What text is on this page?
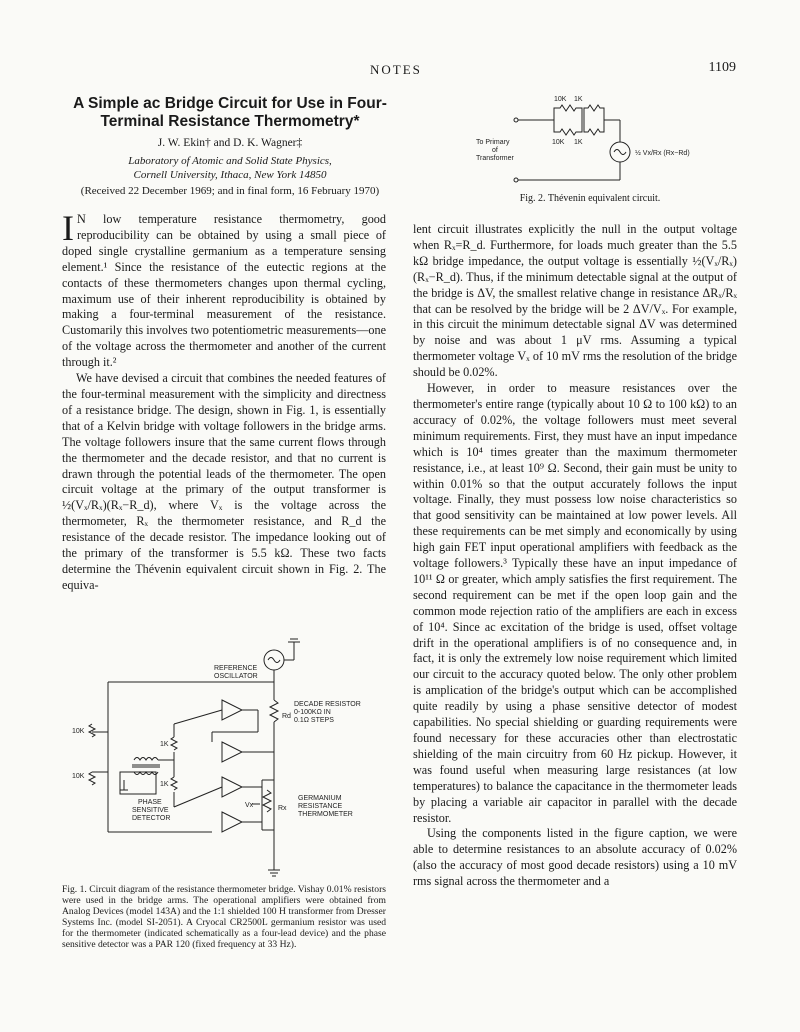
NOTES	1109
A Simple ac Bridge Circuit for Use in Four-Terminal Resistance Thermometry*
J. W. Ekin† and D. K. Wagner‡
Laboratory of Atomic and Solid State Physics,
Cornell University, Ithaca, New York 14850
(Received 22 December 1969; and in final form, 16 February 1970)

I N low temperature resistance thermometry, good reproducibility can be obtained by using a small piece of doped single crystalline germanium as a temperature sensing element.¹ Since the resistance of the eutectic regions at the contacts of these thermometers changes upon thermal cycling, maximum use of their inherent reproducibility is obtained by making a four-terminal measurement of the resistance. Customarily this involves two potentiometric measurements—one of the voltage across the thermometer and another of the current through it.²

We have devised a circuit that combines the needed features of the four-terminal measurement with the simplicity and directness of a resistance bridge. The design, shown in Fig. 1, is essentially that of a Kelvin bridge with voltage followers in the bridge arms. The voltage followers insure that the same current flows through the thermometer and the decade resistor, and that no current is drawn through the potential leads of the thermometer. The open circuit voltage at the primary of the output transformer is ½(Vₓ/Rₓ)(Rₓ−R_d), where Vₓ is the voltage across the thermometer, Rₓ the thermometer resistance, and R_d the resistance of the decade resistor. The impedance looking out of the primary of the transformer is 5.5 kΩ. These two facts determine the Thévenin equivalent circuit shown in Fig. 2. The equiva-

REFERENCE
OSCILLATOR
DECADE RESISTOR
0-100KΩ IN
0.1Ω STEPS
Rd
10K
10K
1K
1K
PHASE
SENSITIVE
DETECTOR
Vx	Rx
GERMANIUM
RESISTANCE
THERMOMETER
Fig. 1. Circuit diagram of the resistance thermometer bridge. Vishay 0.01% resistors were used in the bridge arms. The operational amplifiers were obtained from Analog Devices (model 143A) and the 1:1 shielded 100 H transformer from Dresser Systems Inc. (model SI-2051). A Cryocal CR2500L germanium resistor was used for the thermometer (indicated schematically as a four-lead device) and the phase sensitive detector was a PAR 120 (fixed frequency at 33 Hz).
10K 1K
10K 1K
To Primary
of
Transformer
½ Vx/Rx (Rx−Rd)
Fig. 2. Thévenin equivalent circuit.

lent circuit illustrates explicitly the null in the output voltage when Rₓ=R_d. Furthermore, for loads much greater than the 5.5 kΩ bridge impedance, the output voltage is essentially ½(Vₓ/Rₓ)(Rₓ−R_d). Thus, if the minimum detectable signal at the output of the bridge is ΔV, the smallest relative change in resistance ΔRₓ/Rₓ that can be resolved by the bridge will be 2 ΔV/Vₓ. For example, in this circuit the minimum detectable signal ΔV was determined by noise and was about 1 μV rms. Assuming a typical thermometer voltage Vₓ of 10 mV rms the resolution of the bridge should be 0.02%.

However, in order to measure resistances over the thermometer's entire range (typically about 10 Ω to 100 kΩ) to an accuracy of 0.02%, the voltage followers must meet several minimum requirements. First, they must have an input impedance which is 10⁴ times greater than the maximum thermometer resistance, i.e., at least 10⁹ Ω. Second, their gain must be unity to within 0.01% so that the output accurately follows the input voltage. Finally, they must possess low noise characteristics so that good sensitivity can be maintained at low power levels. All these requirements can be met simply and economically by using high gain FET input operational amplifiers with feedback as the voltage followers.³ Typically these have an input impedance of 10¹¹ Ω or greater, which amply satisfies the first requirement. The second requirement can be met if the open loop gain and the common mode rejection ratio of the amplifiers are each in excess of 10⁴. Since ac excitation of the bridge is used, offset voltage drift in the operational amplifiers is of no consequence and, in fact, it is only the extremely low noise requirement which limited our circuit to the accuracy quoted below. The only other problem is amplication of the bridge's output which can be accomplished quite readily by using a phase sensitive detector of modest capabilities. No special shielding or guarding requirements were found necessary for these accuracies other than electrostatic shielding of the main circuitry from 60 Hz pickup. However, it was found useful when measuring large resistances (at low temperatures) to balance the capacitance in the thermometer leads by placing a variable air capacitor in parallel with the decade resistor.

Using the components listed in the figure caption, we were able to determine resistances to an absolute accuracy of 0.02% (also the accuracy of most good decade resistors) using a 10 mV rms signal across the thermometer and a
